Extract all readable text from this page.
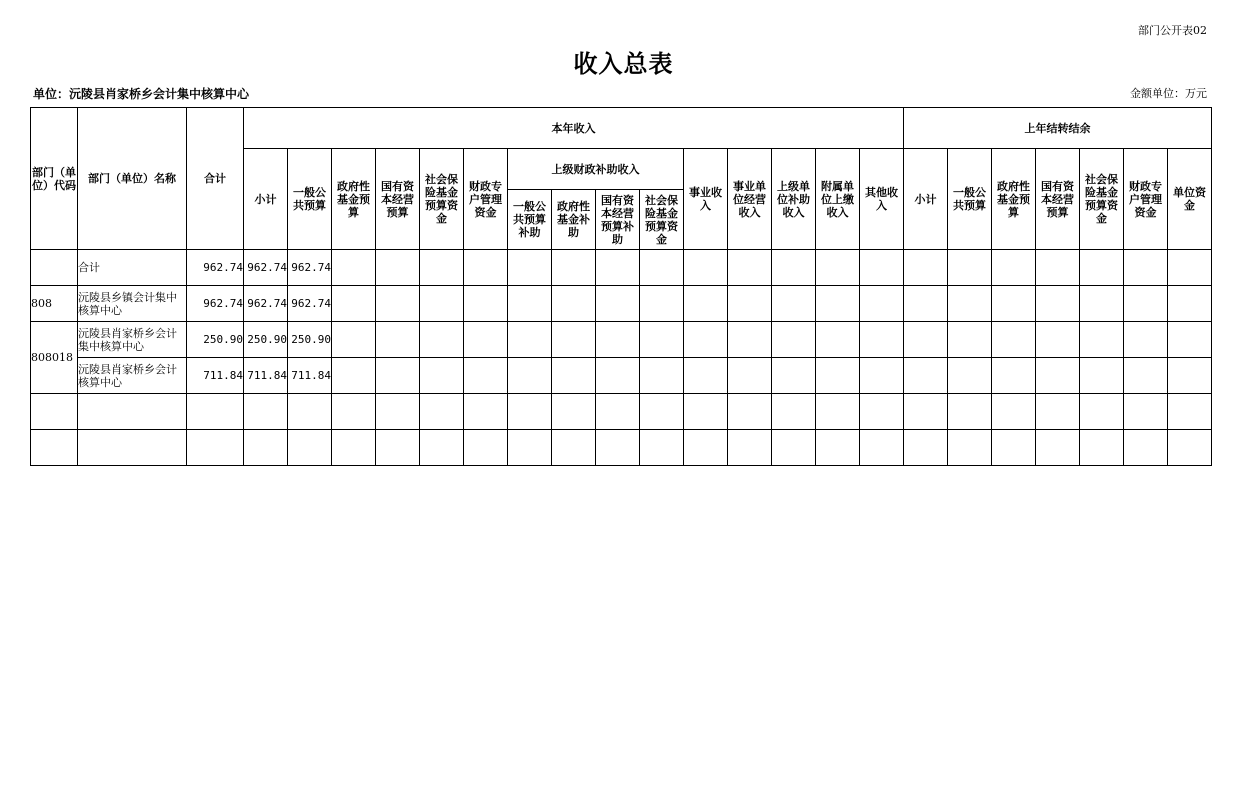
部门公开表02
收入总表
单位：沅陵县肖家桥乡会计集中核算中心	金额单位：万元
部门（单位）代码	部门（单位）名称	合计	本年收入															上年结转结余						
			小计	一般公共预算	政府性基金预算	国有资本经营预算	社会保险基金预算资金	财政专户管理资金	上级财政补助收入				事业收入	事业单位经营收入	上级单位补助收入	附属单位上缴收入	其他收入	小计	一般公共预算	政府性基金预算	国有资本经营预算	社会保险基金预算资金	财政专户管理资金	单位资金
									一般公共预算补助	政府性基金补助	国有资本经营预算补助	社会保险基金预算资金												
	合计	962.74	962.74	962.74																				
808	沅陵县乡镇会计集中核算中心	962.74	962.74	962.74																				
808018	沅陵县肖家桥乡会计集中核算中心	250.90	250.90	250.90																				
	沅陵县肖家桥乡会计核算中心	711.84	711.84	711.84																				
